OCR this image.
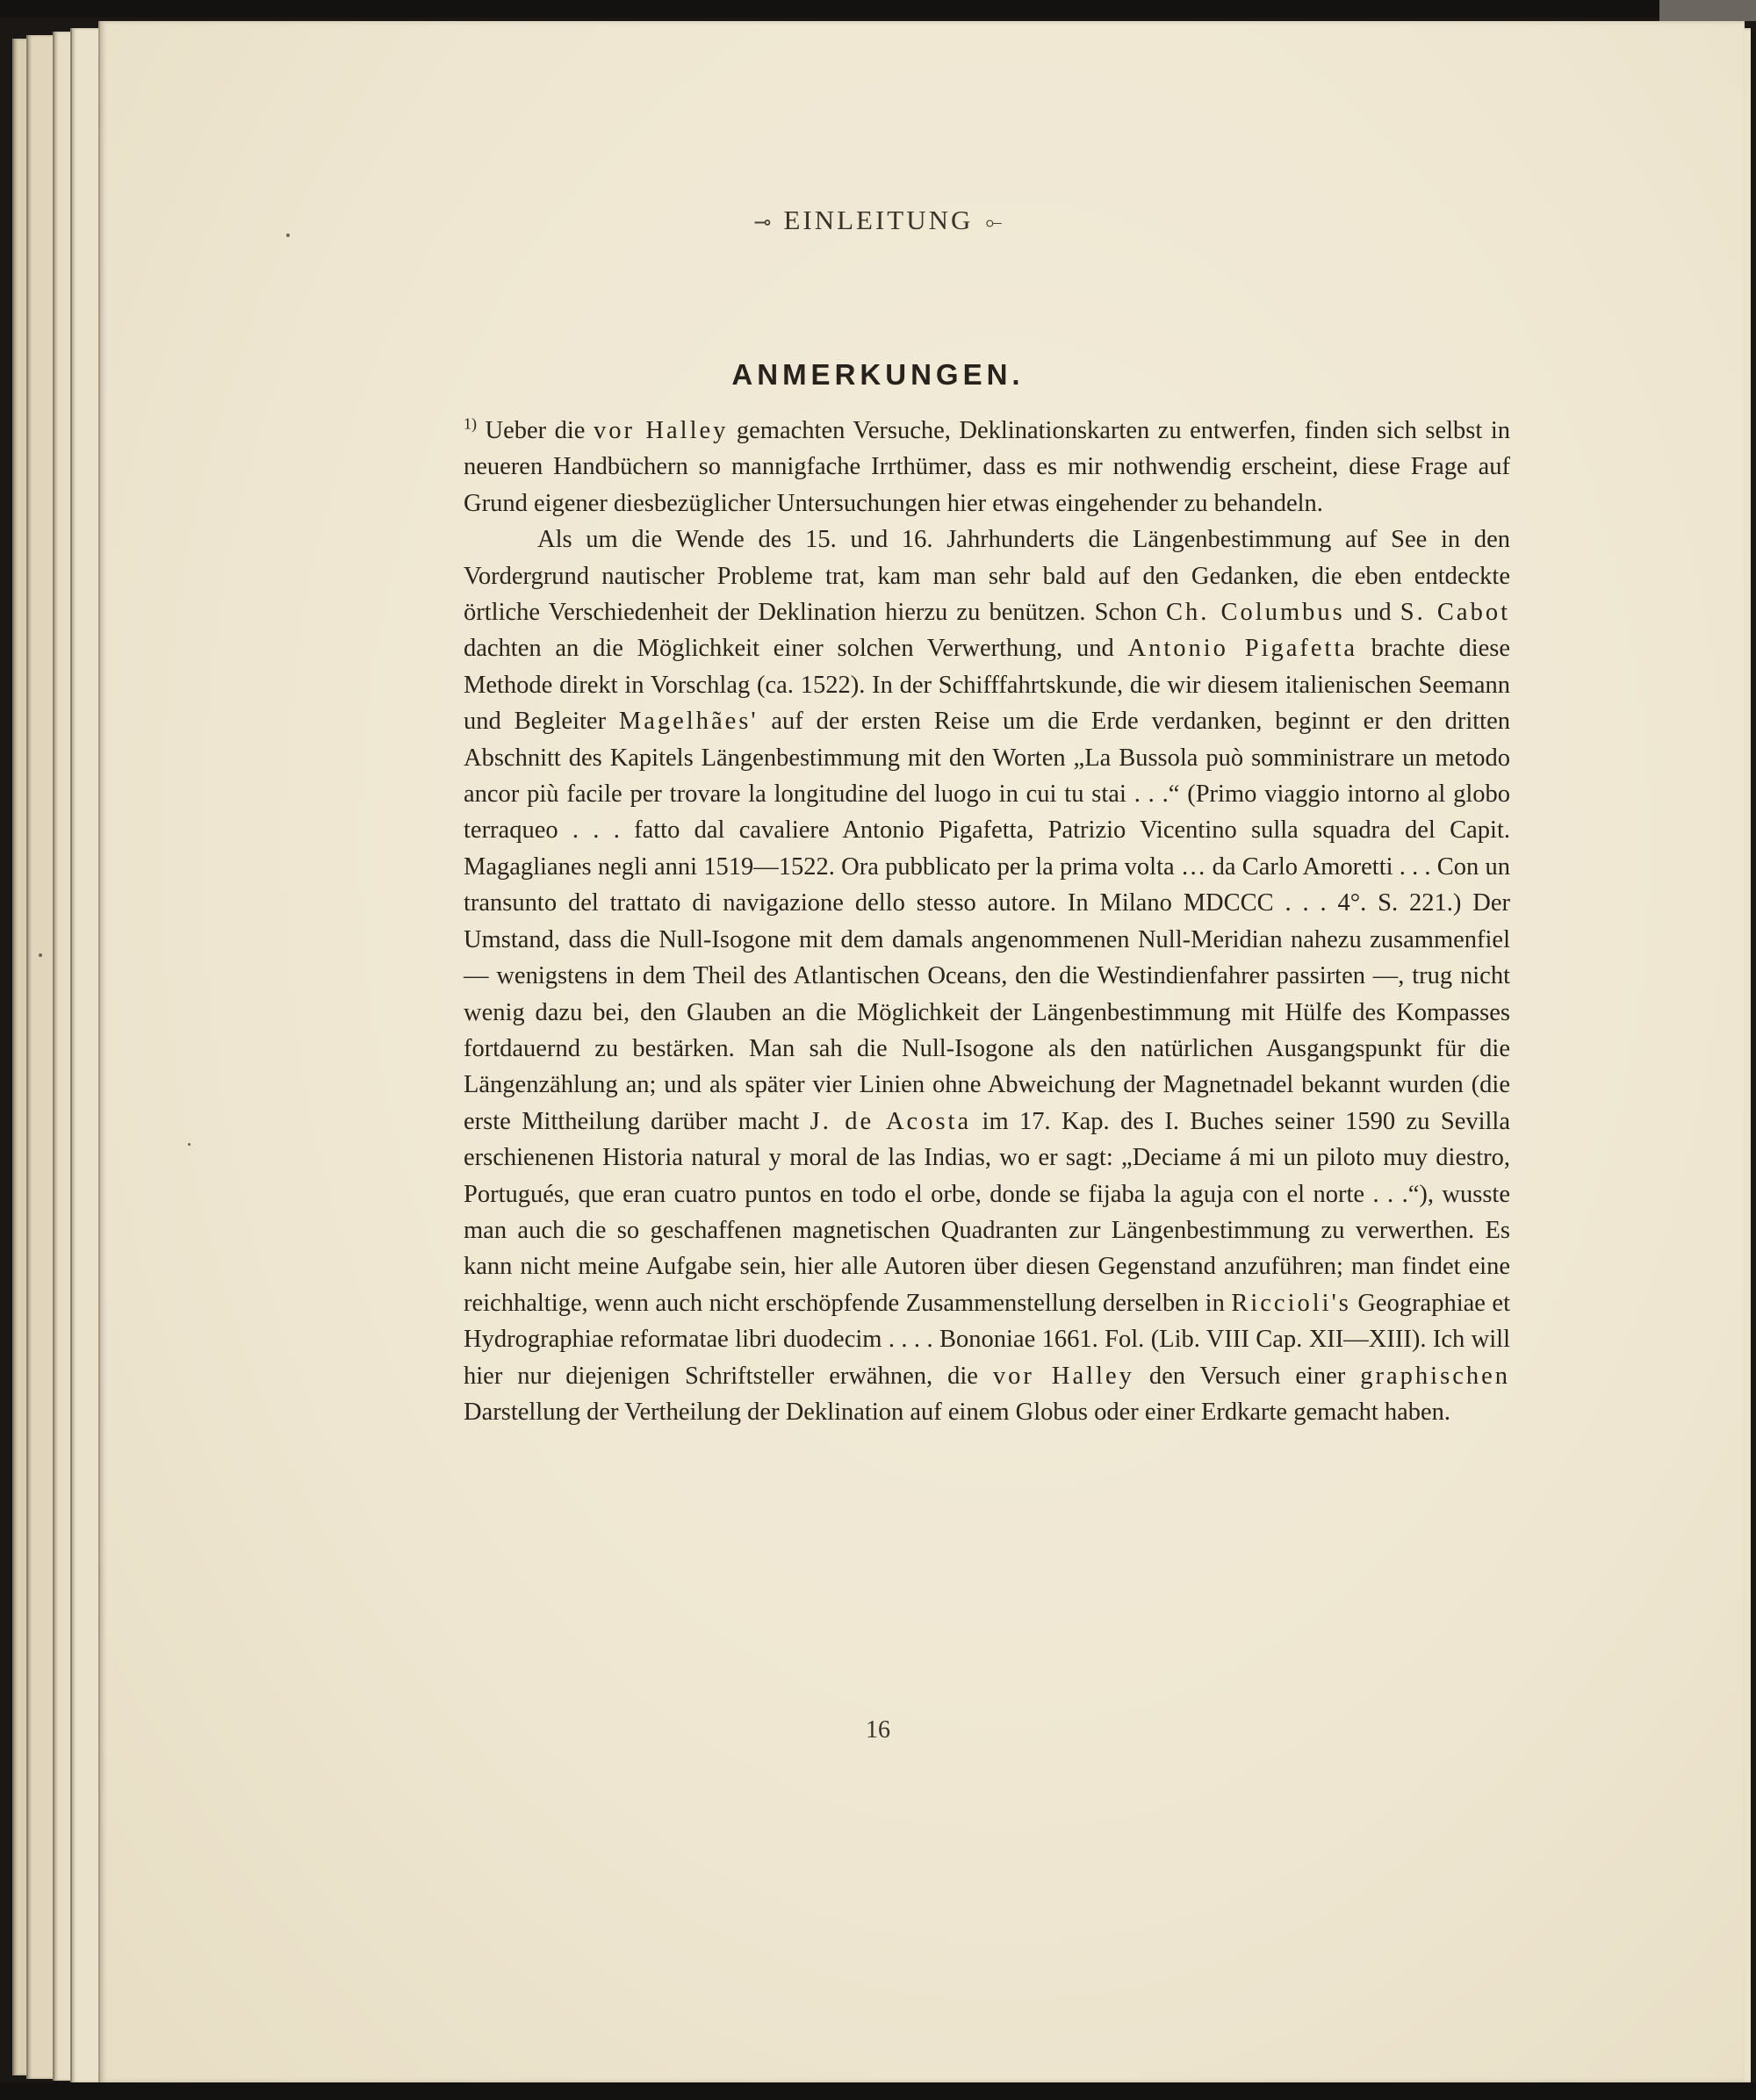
⊸ EINLEITUNG ⟜
ANMERKUNGEN.

$^{1)}$ Ueber die vor Halley gemachten Versuche, Deklinationskarten zu entwerfen, finden sich selbst in neueren Handbüchern so mannigfache Irrthümer, dass es mir nothwendig erscheint, diese Frage auf Grund eigener diesbezüglicher Untersuchungen hier etwas eingehender zu behandeln.

Als um die Wende des 15. und 16. Jahrhunderts die Längenbestimmung auf See in den Vordergrund nautischer Probleme trat, kam man sehr bald auf den Gedanken, die eben entdeckte örtliche Verschiedenheit der Deklination hierzu zu benützen. Schon Ch. Columbus und S. Cabot dachten an die Möglichkeit einer solchen Verwerthung, und Antonio Pigafetta brachte diese Methode direkt in Vorschlag (ca. 1522). In der Schifffahrtskunde, die wir diesem italienischen Seemann und Begleiter Magelhães' auf der ersten Reise um die Erde verdanken, beginnt er den dritten Abschnitt des Kapitels Längenbestimmung mit den Worten „La Bussola può somministrare un metodo ancor più facile per trovare la longitudine del luogo in cui tu stai . . .“ (Primo viaggio intorno al globo terraqueo . . . fatto dal cavaliere Antonio Pigafetta, Patrizio Vicentino sulla squadra del Capit. Magaglianes negli anni 1519—1522. Ora pubblicato per la prima volta … da Carlo Amoretti . . . Con un transunto del trattato di navigazione dello stesso autore. In Milano MDCCC . . . 4°. S. 221.) Der Umstand, dass die Null-Isogone mit dem damals angenommenen Null-Meridian nahezu zusammenfiel — wenigstens in dem Theil des Atlantischen Oceans, den die Westindienfahrer passirten —, trug nicht wenig dazu bei, den Glauben an die Möglichkeit der Längenbestimmung mit Hülfe des Kompasses fortdauernd zu bestärken. Man sah die Null-Isogone als den natürlichen Ausgangspunkt für die Längenzählung an; und als später vier Linien ohne Abweichung der Magnetnadel bekannt wurden (die erste Mittheilung darüber macht J. de Acosta im 17. Kap. des I. Buches seiner 1590 zu Sevilla erschienenen Historia natural y moral de las Indias, wo er sagt: „Deciame á mi un piloto muy diestro, Portugués, que eran cuatro puntos en todo el orbe, donde se fijaba la aguja con el norte . . .“), wusste man auch die so geschaffenen magnetischen Quadranten zur Längenbestimmung zu verwerthen. Es kann nicht meine Aufgabe sein, hier alle Autoren über diesen Gegenstand anzuführen; man findet eine reichhaltige, wenn auch nicht erschöpfende Zusammenstellung derselben in Riccioli's Geographiae et Hydrographiae reformatae libri duodecim . . . . Bononiae 1661. Fol. (Lib. VIII Cap. XII—XIII). Ich will hier nur diejenigen Schriftsteller erwähnen, die vor Halley den Versuch einer graphischen Darstellung der Vertheilung der Deklination auf einem Globus oder einer Erdkarte gemacht haben.

16
